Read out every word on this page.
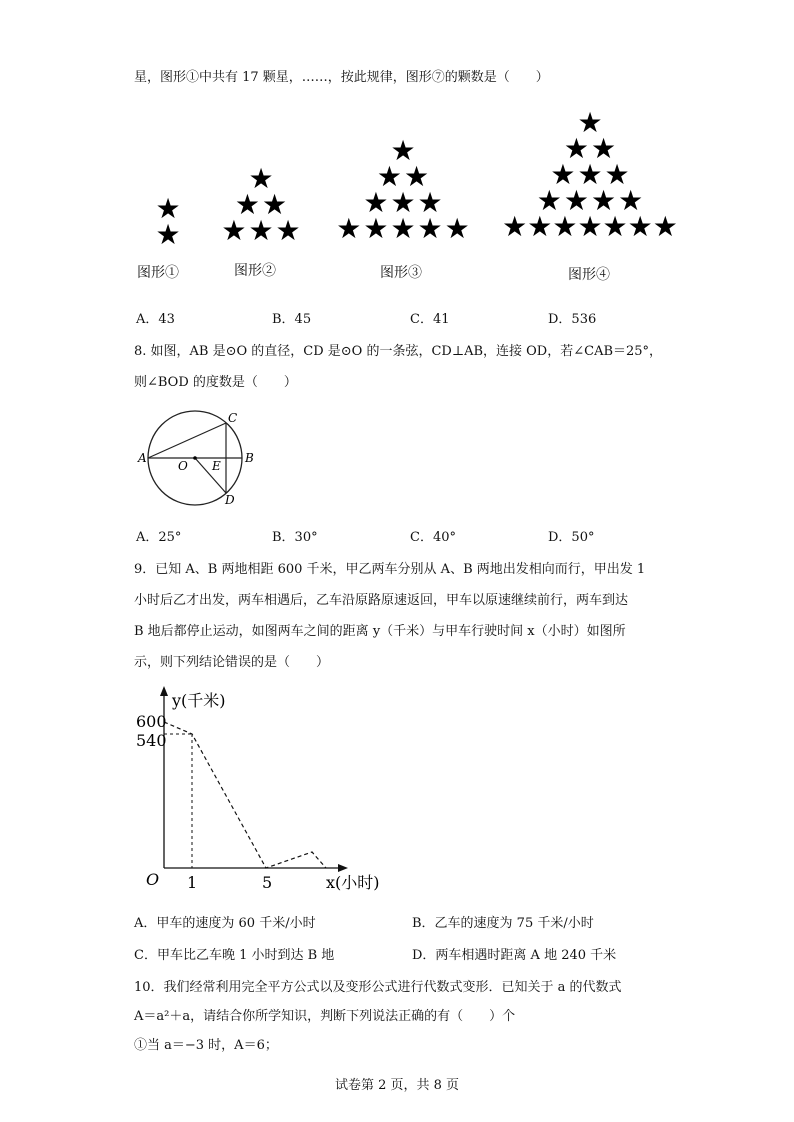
星，图形①中共有 17 颗星，……，按此规律，图形⑦的颗数是（　　）
★
★
图形①
★
★ ★
★ ★ ★
图形②
★
★ ★
★ ★ ★
★ ★ ★ ★ ★
图形③
★
★ ★
★ ★ ★
★ ★ ★ ★
★ ★ ★ ★ ★ ★ ★
图形④
A．43	B．45	C．41	D．536
8. 如图，AB 是⊙O 的直径，CD 是⊙O 的一条弦，CD⊥AB，连接 OD，若∠CAB＝25°，
则∠BOD 的度数是（　　）
A	B
C
D
O E
A．25°	B．30°	C．40°	D．50°
9．已知 A、B 两地相距 600 千米，甲乙两车分别从 A、B 两地出发相向而行，甲出发 1
小时后乙才出发，两车相遇后，乙车沿原路原速返回，甲车以原速继续前行，两车到达
B 地后都停止运动，如图两车之间的距离 y（千米）与甲车行驶时间 x（小时）如图所
示，则下列结论错误的是（　　）
y(千米)
x(小时)
O
600
540
1	5
A．甲车的速度为 60 千米/小时	B．乙车的速度为 75 千米/小时
C．甲车比乙车晚 1 小时到达 B 地	D．两车相遇时距离 A 地 240 千米
10．我们经常利用完全平方公式以及变形公式进行代数式变形．已知关于 a 的代数式
A＝a²＋a，请结合你所学知识，判断下列说法正确的有（　　）个
①当 a＝−3 时，A＝6；
试卷第 2 页，共 8 页
